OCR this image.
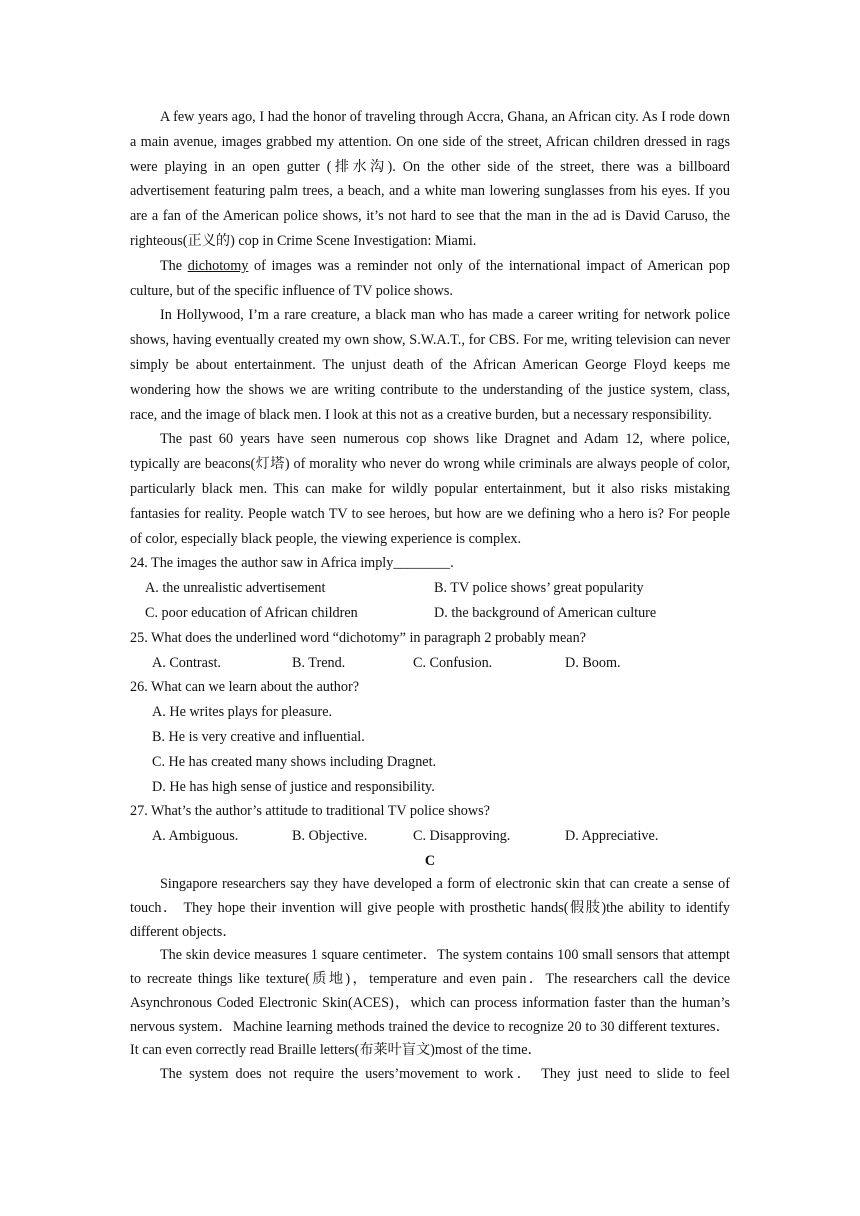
A few years ago, I had the honor of traveling through Accra, Ghana, an African city. As I rode down a main avenue, images grabbed my attention. On one side of the street, African children dressed in rags were playing in an open gutter (排水沟). On the other side of the street, there was a billboard advertisement featuring palm trees, a beach, and a white man lowering sunglasses from his eyes. If you are a fan of the American police shows, it’s not hard to see that the man in the ad is David Caruso, the righteous(正义的) cop in Crime Scene Investigation: Miami.

The dichotomy of images was a reminder not only of the international impact of American pop culture, but of the specific influence of TV police shows.

In Hollywood, I’m a rare creature, a black man who has made a career writing for network police shows, having eventually created my own show, S.W.A.T., for CBS. For me, writing television can never simply be about entertainment. The unjust death of the African American George Floyd keeps me wondering how the shows we are writing contribute to the understanding of the justice system, class, race, and the image of black men. I look at this not as a creative burden, but a necessary responsibility.

The past 60 years have seen numerous cop shows like Dragnet and Adam 12, where police, typically are beacons(灯塔) of morality who never do wrong while criminals are always people of color, particularly black men. This can make for wildly popular entertainment, but it also risks mistaking fantasies for reality. People watch TV to see heroes, but how are we defining who a hero is? For people of color, especially black people, the viewing experience is complex.

24. The images the author saw in Africa imply________.
A. the unrealistic advertisement	B. TV police shows’ great popularity
C. poor education of African children	D. the background of American culture
25. What does the underlined word “dichotomy” in paragraph 2 probably mean?
A. Contrast.	B. Trend.	C. Confusion.	D. Boom.
26. What can we learn about the author?
A. He writes plays for pleasure.
B. He is very creative and influential.
C. He has created many shows including Dragnet.
D. He has high sense of justice and responsibility.
27. What’s the author’s attitude to traditional TV police shows?
A. Ambiguous.	B. Objective.	C. Disapproving.	D. Appreciative.
C

Singapore researchers say they have developed a form of electronic skin that can create a sense of touch． They hope their invention will give people with prosthetic hands(假肢)the ability to identify different objects．

The skin device measures 1 square centimeter．The system contains 100 small sensors that attempt to recreate things like texture(质地)，temperature and even pain．The researchers call the device Asynchronous Coded Electronic Skin(ACES)，which can process information faster than the human’s nervous system．Machine learning methods trained the device to recognize 20 to 30 different textures．It can even correctly read Braille letters(布莱叶盲文)most of the time．

The system does not require the users’movement to work． They just need to slide to feel
